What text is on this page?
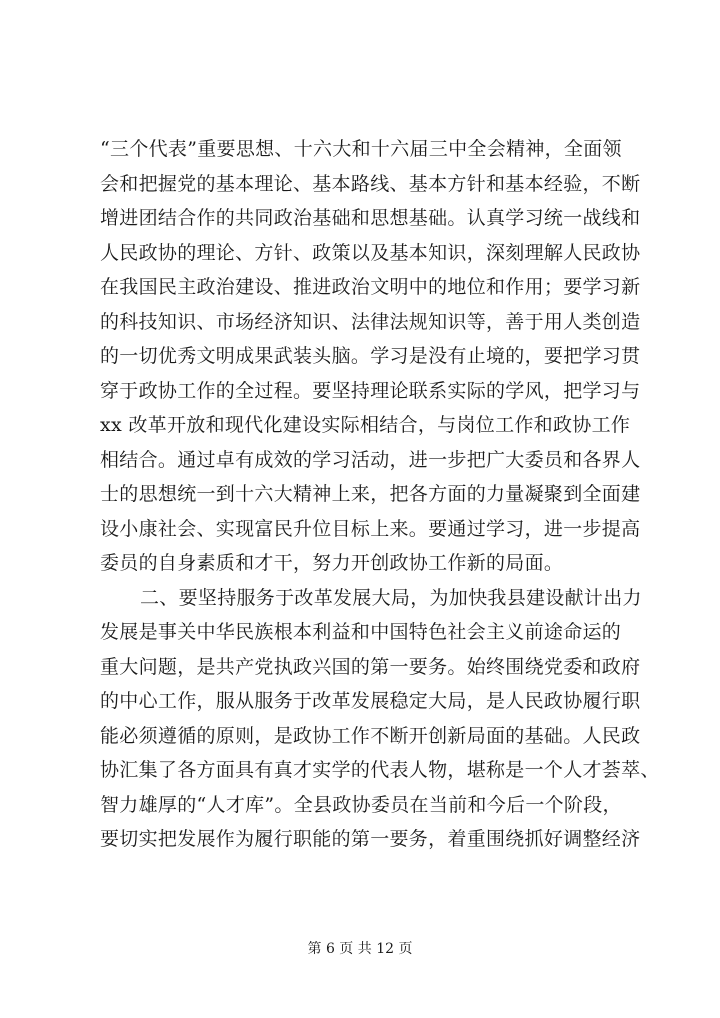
“三个代表”重要思想、十六大和十六届三中全会精神，全面领
会和把握党的基本理论、基本路线、基本方针和基本经验，不断
增进团结合作的共同政治基础和思想基础。认真学习统一战线和
人民政协的理论、方针、政策以及基本知识，深刻理解人民政协
在我国民主政治建设、推进政治文明中的地位和作用；要学习新
的科技知识、市场经济知识、法律法规知识等，善于用人类创造
的一切优秀文明成果武装头脑。学习是没有止境的，要把学习贯
穿于政协工作的全过程。要坚持理论联系实际的学风，把学习与
xx 改革开放和现代化建设实际相结合，与岗位工作和政协工作
相结合。通过卓有成效的学习活动，进一步把广大委员和各界人
士的思想统一到十六大精神上来，把各方面的力量凝聚到全面建
设小康社会、实现富民升位目标上来。要通过学习，进一步提高
委员的自身素质和才干，努力开创政协工作新的局面。
二、要坚持服务于改革发展大局，为加快我县建设献计出力
发展是事关中华民族根本利益和中国特色社会主义前途命运的
重大问题，是共产党执政兴国的第一要务。始终围绕党委和政府
的中心工作，服从服务于改革发展稳定大局，是人民政协履行职
能必须遵循的原则，是政协工作不断开创新局面的基础。人民政
协汇集了各方面具有真才实学的代表人物，堪称是一个人才荟萃、
智力雄厚的“人才库”。全县政协委员在当前和今后一个阶段，
要切实把发展作为履行职能的第一要务，着重围绕抓好调整经济
第 6 页 共 12 页
